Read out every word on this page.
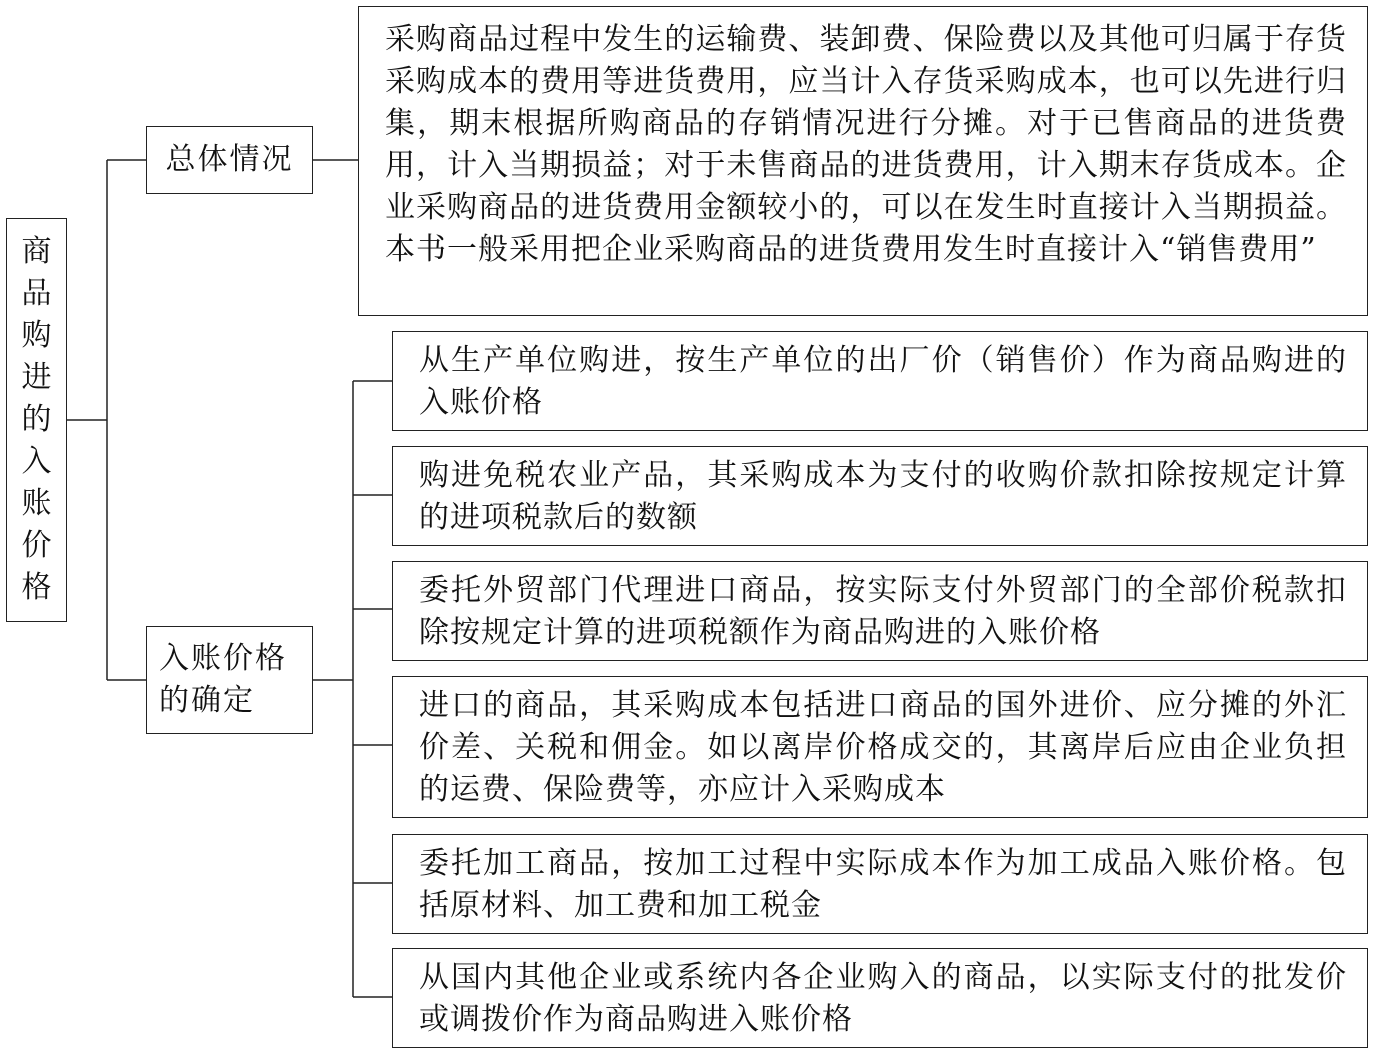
商品购进的入账价格
总体情况
入账价格的确定
采购商品过程中发生的运输费、装卸费、保险费以及其他可归属于存货采购成本的费用等进货费用，应当计入存货采购成本，也可以先进行归集，期末根据所购商品的存销情况进行分摊。对于已售商品的进货费用，计入当期损益；对于未售商品的进货费用，计入期末存货成本。企业采购商品的进货费用金额较小的，可以在发生时直接计入当期损益。本书一般采用把企业采购商品的进货费用发生时直接计入“销售费用”
从生产单位购进，按生产单位的出厂价（销售价）作为商品购进的入账价格
购进免税农业产品，其采购成本为支付的收购价款扣除按规定计算的进项税款后的数额
委托外贸部门代理进口商品，按实际支付外贸部门的全部价税款扣除按规定计算的进项税额作为商品购进的入账价格
进口的商品，其采购成本包括进口商品的国外进价、应分摊的外汇价差、关税和佣金。如以离岸价格成交的，其离岸后应由企业负担的运费、保险费等，亦应计入采购成本
委托加工商品，按加工过程中实际成本作为加工成品入账价格。包括原材料、加工费和加工税金
从国内其他企业或系统内各企业购入的商品，以实际支付的批发价或调拨价作为商品购进入账价格
